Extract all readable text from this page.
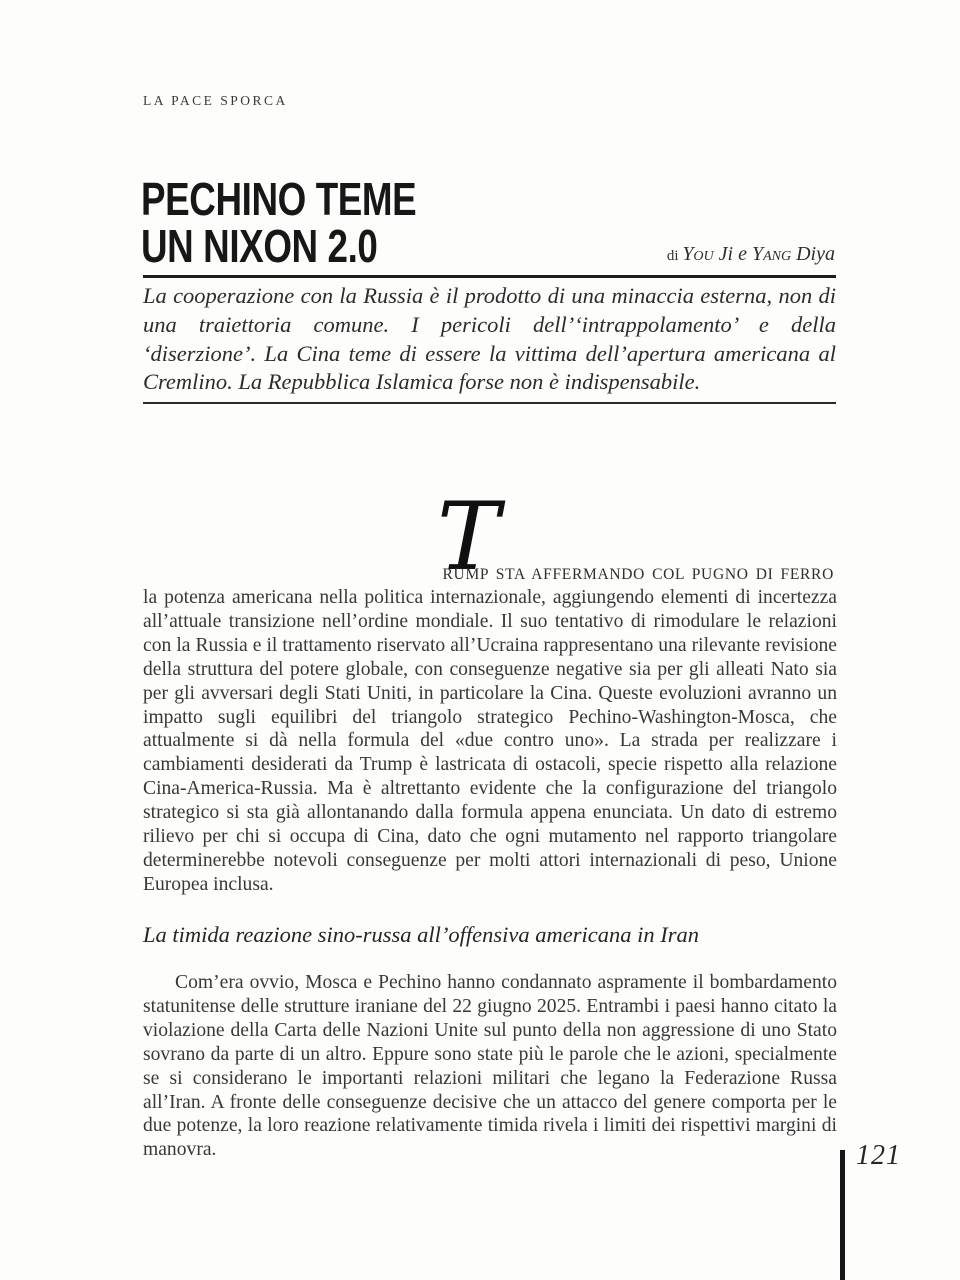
LA PACE SPORCA
PECHINO TEME
UN NIXON 2.0	di You Ji e Yang Diya

La cooperazione con la Russia è il prodotto di una minaccia esterna, non di una traiettoria comune. I pericoli dell’‘intrappolamento’ e della ‘diserzione’. La Cina teme di essere la vittima dell’apertura americana al Cremlino. La Repubblica Islamica forse non è indispensabile.

T
RUMP STA AFFERMANDO COL PUGNO DI FERRO

la potenza americana nella politica internazionale, aggiungendo elementi di incertezza all’attuale transizione nell’ordine mondiale. Il suo tentativo di rimodulare le relazioni con la Russia e il trattamento riservato all’Ucraina rappresentano una rilevante revisione della struttura del potere globale, con conseguenze negative sia per gli alleati Nato sia per gli avversari degli Stati Uniti, in particolare la Cina. Queste evoluzioni avranno un impatto sugli equilibri del triangolo strategico Pechino-Washington-Mosca, che attualmente si dà nella formula del «due contro uno». La strada per realizzare i cambiamenti desiderati da Trump è lastricata di ostacoli, specie rispetto alla relazione Cina-America-Russia. Ma è altrettanto evidente che la configurazione del triangolo strategico si sta già allontanando dalla formula appena enunciata. Un dato di estremo rilievo per chi si occupa di Cina, dato che ogni mutamento nel rapporto triangolare determinerebbe notevoli conseguenze per molti attori internazionali di peso, Unione Europea inclusa.

La timida reazione sino-russa all’offensiva americana in Iran

Com’era ovvio, Mosca e Pechino hanno condannato aspramente il bombardamento statunitense delle strutture iraniane del 22 giugno 2025. Entrambi i paesi hanno citato la violazione della Carta delle Nazioni Unite sul punto della non aggressione di uno Stato sovrano da parte di un altro. Eppure sono state più le parole che le azioni, specialmente se si considerano le importanti relazioni militari che legano la Federazione Russa all’Iran. A fronte delle conseguenze decisive che un attacco del genere comporta per le due potenze, la loro reazione relativamente timida rivela i limiti dei rispettivi margini di manovra.	121
